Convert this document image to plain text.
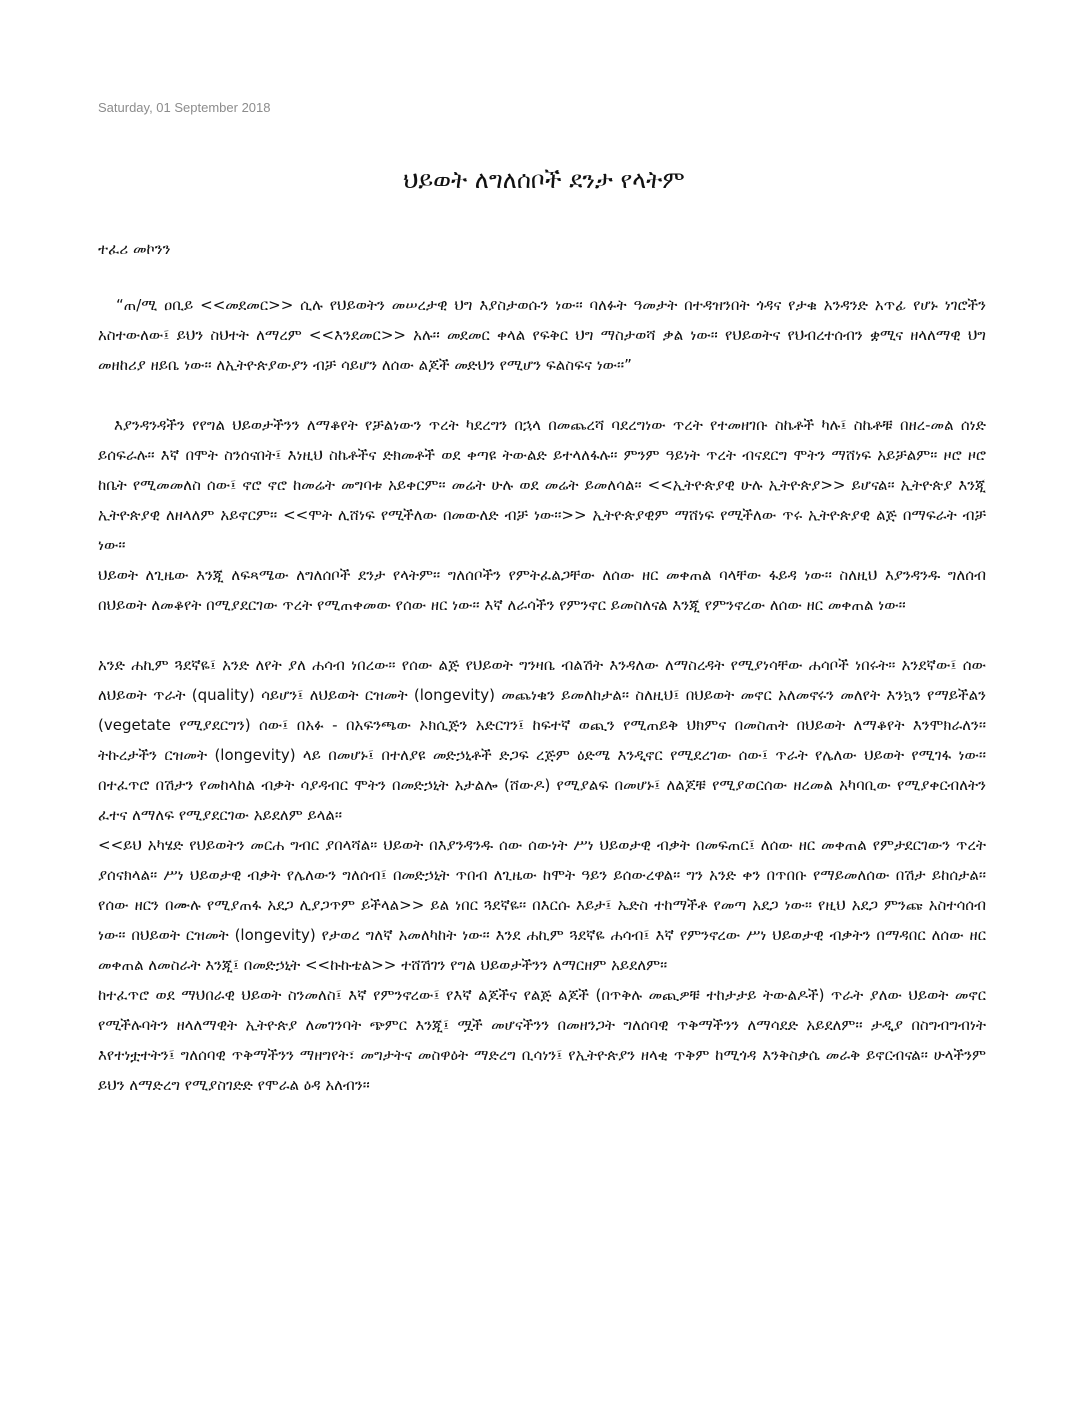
Saturday, 01 September 2018
ህይወት ለግለሰቦች ደንታ የላትም
ተፈሪ መኮንን

“ጠ/ሚ ዐቢይ <<መደመር>> ሲሉ የህይወትን መሠረታዊ ህግ እያስታወሱን ነው፡፡ ባለፉት ዓመታት በተዳዝንበት ጎዳና የታቁ አንዳንድ አጥፊ የሆኑ ነገሮችን አስተውለው፤ ይህን ስህተት ለማረም <<እንደመር>> አሉ፡፡ መደመር ቀላል የፍቅር ህግ ማስታወሻ ቃል ነው፡፡ የህይወትና የህብረተሰብን ቋሚና ዘላለማዊ ህግ መዘከሪያ ዘይቤ ነው፡፡ ለኢትዮጵያውያን ብቻ ሳይሆን ለሰው ልጆች መድህን የሚሆን ፍልስፍና ነው፡፡”

እያንዳንዳችን የየግል ህይወታችንን ለማቆየት የቻልነውን ጥረት ካደረግን በኋላ በመጨረሻ ባደረግነው ጥረት የተመዘገቡ ስኬቶች ካሉ፤ ስኬቶቹ በዘረ-መል ሰነድ ይሰፍራሉ፡፡ እኛ በሞት ስንሰናበት፤ እነዚህ ስኬቶችና ድክመቶች ወደ ቀጣዩ ትውልድ ይተላለፋሉ፡፡ ምንም ዓይነት ጥረት ብናደርግ ሞትን ማሸነፍ አይቻልም፡፡ ዞሮ ዞሮ ከቤት የሚመመለስ ሰው፤ ኖሮ ኖሮ ከመሬት መግባቱ አይቀርም፡፡ መሬት ሁሉ ወደ መሬት ይመለሳል፡፡ <<ኢትዮጵያዊ ሁሉ ኢትዮጵያ>> ይሆናል፡፡ ኢትዮጵያ እንጂ ኢትዮጵያዊ ለዘላለም አይኖርም፡፡ <<ሞት ሊሸነፍ የሚችለው በመውለድ ብቻ ነው፡፡>> ኢትዮጵያዊም ማሸነፍ የሚችለው ጥሩ ኢትዮጵያዊ ልጅ በማፍራት ብቻ ነው፡፡

ህይወት ለጊዜው እንጂ ለፍጻሜው ለግለሰቦች ደንታ የላትም፡፡ ግለሰቦችን የምትፈልጋቸው ለሰው ዘር መቀጠል ባላቸው ፋይዳ ነው፡፡ ስለዚህ እያንዳንዱ ግለሰብ በህይወት ለመቆየት በሚያደርገው ጥረት የሚጠቀመው የሰው ዘር ነው፡፡ እኛ ለራሳችን የምንኖር ይመስለናል እንጂ የምንኖረው ለሰው ዘር መቀጠል ነው፡፡

አንድ ሐኪም ጓደኛዬ፤ አንድ ለየት ያለ ሐሳብ ነበረው። የሰው ልጅ የህይወት ግንዛቤ ብልሽት እንዳለው ለማስረዳት የሚያነሳቸው ሐሳቦች ነበሩት። አንደኛው፤ ሰው ለህይወት ጥራት (quality) ሳይሆን፤ ለህይወት ርዝመት (longevity) መጨነቁን ይመለከታል፡፡ ስለዚህ፤ በህይወት መኖር አለመኖሩን መለየት እንኳን የማይችልን (vegetate የሚያደርግን) ሰው፤ በአፉ - በአፍንጫው ኦክሲጅን አድርገን፤ ከፍተኛ ወጪን የሚጠይቅ ህክምና በመስጠት በህይወት ለማቆየት እንሞክራለን፡፡ ትኩረታችን ርዝመት (longevity) ላይ በመሆኑ፤ በተለያዩ መድኃኒቶች ድጋፍ ረጅም ዕድሜ እንዲኖር የሚደረገው ሰው፤ ጥራት የሌለው ህይወት የሚገፋ ነው፡፡ በተፈጥሮ በሽታን የመከላከል ብቃት ሳያዳብር ሞትን በመድኃኒት አታልሎ (ሸውዶ) የሚያልፍ በመሆኑ፤ ለልጆቹ የሚያወርሰው ዘረመል አካባቢው የሚያቀርብለትን ፈተና ለማለፍ የሚያደርገው አይደለም ይላል፡፡

<<ይህ አካሄድ የህይወትን መርሐ ግብር ያበላሻል። ህይወት በእያንዳንዱ ሰው ሰውነት ሥነ ህይወታዊ ብቃት በመፍጠር፤ ለሰው ዘር መቀጠል የምታደርገውን ጥረት ያሰናክላል፡፡ ሥነ ህይወታዊ ብቃት የሌለውን ግለሰብ፤ በመድኃኒት ጥበብ ለጊዜው ከሞት ዓይን ይሰውረዋል፡፡ ግን አንድ ቀን በጥበቡ የማይመለሰው በሽታ ይከሰታል፡፡ የሰው ዘርን በሙሉ የሚያጠፋ አደጋ ሊያጋጥም ይችላል>> ይል ነበር ጓደኛዬ፡፡ በእርሱ እይታ፤ ኤድስ ተከማችቶ የመጣ አደጋ ነው። የዚህ አደጋ ምንጩ አስተሳሰብ ነው፡፡ በህይወት ርዝመት (longevity) የታወረ ግለኛ አመለካከት ነው፡፡ እንደ ሐኪም ጓደኛዬ ሐሳብ፤ እኛ የምንኖረው ሥነ ህይወታዊ ብቃትን በማዳበር ለሰው ዘር መቀጠል ለመስራት እንጂ፤ በመድኃኒት <<ኩኩቴል>> ተሸሽገን የግል ህይወታችንን ለማርዘም አይደለም፡፡

ከተፈጥሮ ወደ ማህበራዊ ህይወት ስንመለስ፤ እኛ የምንኖረው፤ የእኛ ልጆችና የልጅ ልጆች (በጥቅሉ መጪዎቹ ተከታታይ ትውልዶች) ጥራት ያለው ህይወት መኖር የሚችሉባትን ዘላለማዊት ኢትዮጵያ ለመገንባት ጭምር እንጂ፤ ሟች መሆናችንን በመዘንጋት ግለሰባዊ ጥቅማችንን ለማሳደድ አይደለም፡፡ ታዲያ በስግብግብነት እየተነቷተትን፤ ግለሰባዊ ጥቅማችንን ማዘግየት፣ መግታትና መስዋዕት ማድረግ ቢሳነን፤ የኢትዮጵያን ዘላቂ ጥቅም ከሚጎዳ እንቅስቃሴ መራቅ ይኖርብናል፡፡ ሁላችንም ይህን ለማድረግ የሚያስገድድ የሞራል ዕዳ አለብን፡፡
